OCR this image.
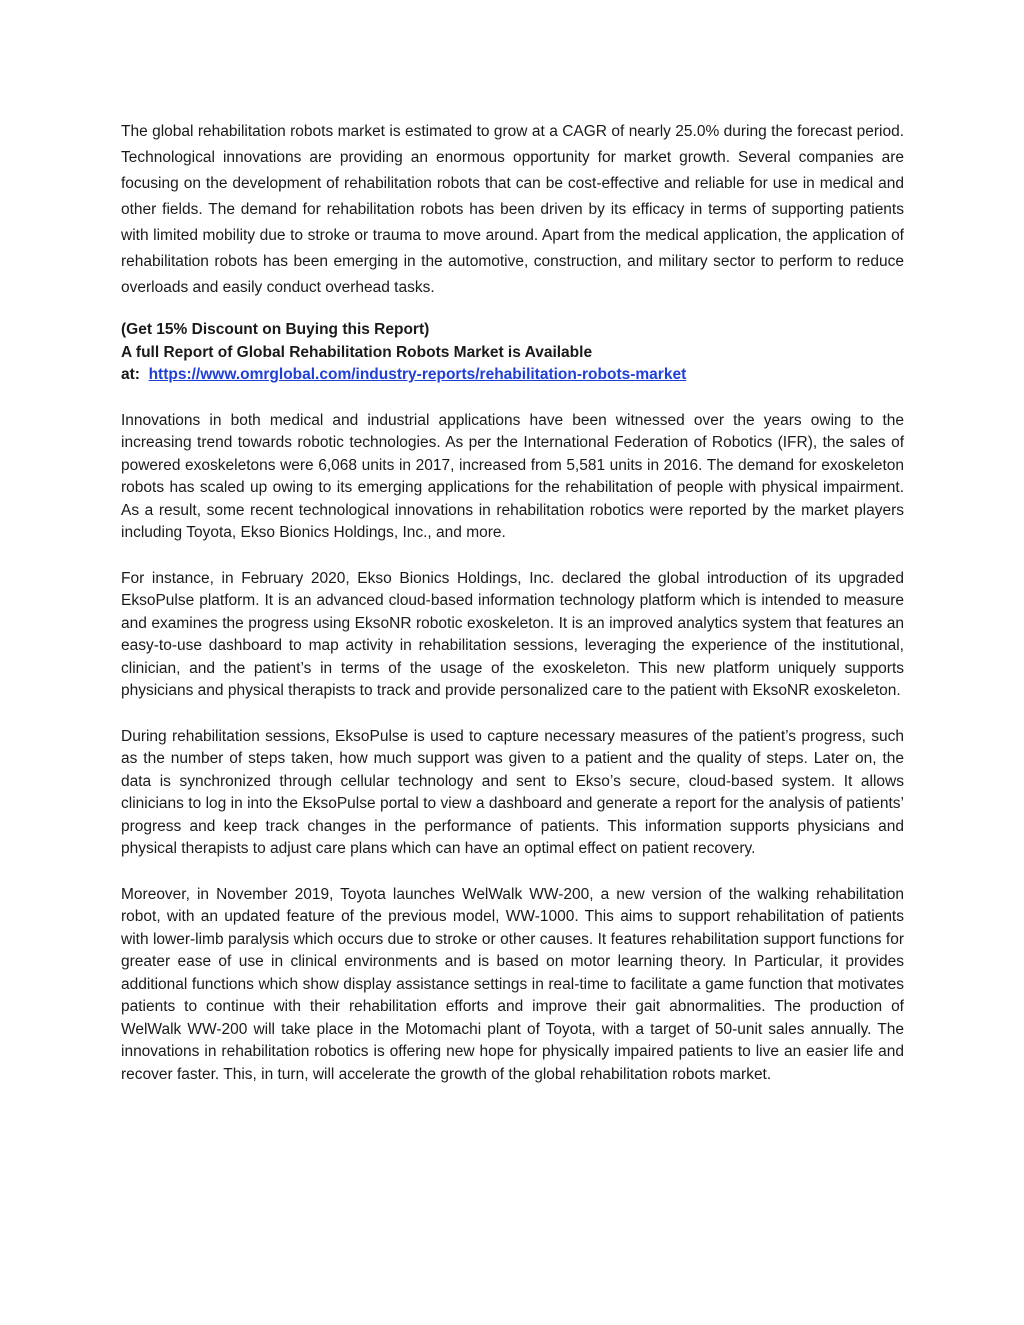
The global rehabilitation robots market is estimated to grow at a CAGR of nearly 25.0% during the forecast period. Technological innovations are providing an enormous opportunity for market growth. Several companies are focusing on the development of rehabilitation robots that can be cost-effective and reliable for use in medical and other fields. The demand for rehabilitation robots has been driven by its efficacy in terms of supporting patients with limited mobility due to stroke or trauma to move around. Apart from the medical application, the application of rehabilitation robots has been emerging in the automotive, construction, and military sector to perform to reduce overloads and easily conduct overhead tasks.

(Get 15% Discount on Buying this Report)

A full Report of Global Rehabilitation Robots Market is Available

at: https://www.omrglobal.com/industry-reports/rehabilitation-robots-market

Innovations in both medical and industrial applications have been witnessed over the years owing to the increasing trend towards robotic technologies. As per the International Federation of Robotics (IFR), the sales of powered exoskeletons were 6,068 units in 2017, increased from 5,581 units in 2016. The demand for exoskeleton robots has scaled up owing to its emerging applications for the rehabilitation of people with physical impairment. As a result, some recent technological innovations in rehabilitation robotics were reported by the market players including Toyota, Ekso Bionics Holdings, Inc., and more.

For instance, in February 2020, Ekso Bionics Holdings, Inc. declared the global introduction of its upgraded EksoPulse platform. It is an advanced cloud-based information technology platform which is intended to measure and examines the progress using EksoNR robotic exoskeleton. It is an improved analytics system that features an easy-to-use dashboard to map activity in rehabilitation sessions, leveraging the experience of the institutional, clinician, and the patient’s in terms of the usage of the exoskeleton. This new platform uniquely supports physicians and physical therapists to track and provide personalized care to the patient with EksoNR exoskeleton.

During rehabilitation sessions, EksoPulse is used to capture necessary measures of the patient’s progress, such as the number of steps taken, how much support was given to a patient and the quality of steps. Later on, the data is synchronized through cellular technology and sent to Ekso’s secure, cloud-based system. It allows clinicians to log in into the EksoPulse portal to view a dashboard and generate a report for the analysis of patients’ progress and keep track changes in the performance of patients. This information supports physicians and physical therapists to adjust care plans which can have an optimal effect on patient recovery.

Moreover, in November 2019, Toyota launches WelWalk WW-200, a new version of the walking rehabilitation robot, with an updated feature of the previous model, WW-1000. This aims to support rehabilitation of patients with lower-limb paralysis which occurs due to stroke or other causes. It features rehabilitation support functions for greater ease of use in clinical environments and is based on motor learning theory. In Particular, it provides additional functions which show display assistance settings in real-time to facilitate a game function that motivates patients to continue with their rehabilitation efforts and improve their gait abnormalities. The production of WelWalk WW-200 will take place in the Motomachi plant of Toyota, with a target of 50-unit sales annually. The innovations in rehabilitation robotics is offering new hope for physically impaired patients to live an easier life and recover faster. This, in turn, will accelerate the growth of the global rehabilitation robots market.
